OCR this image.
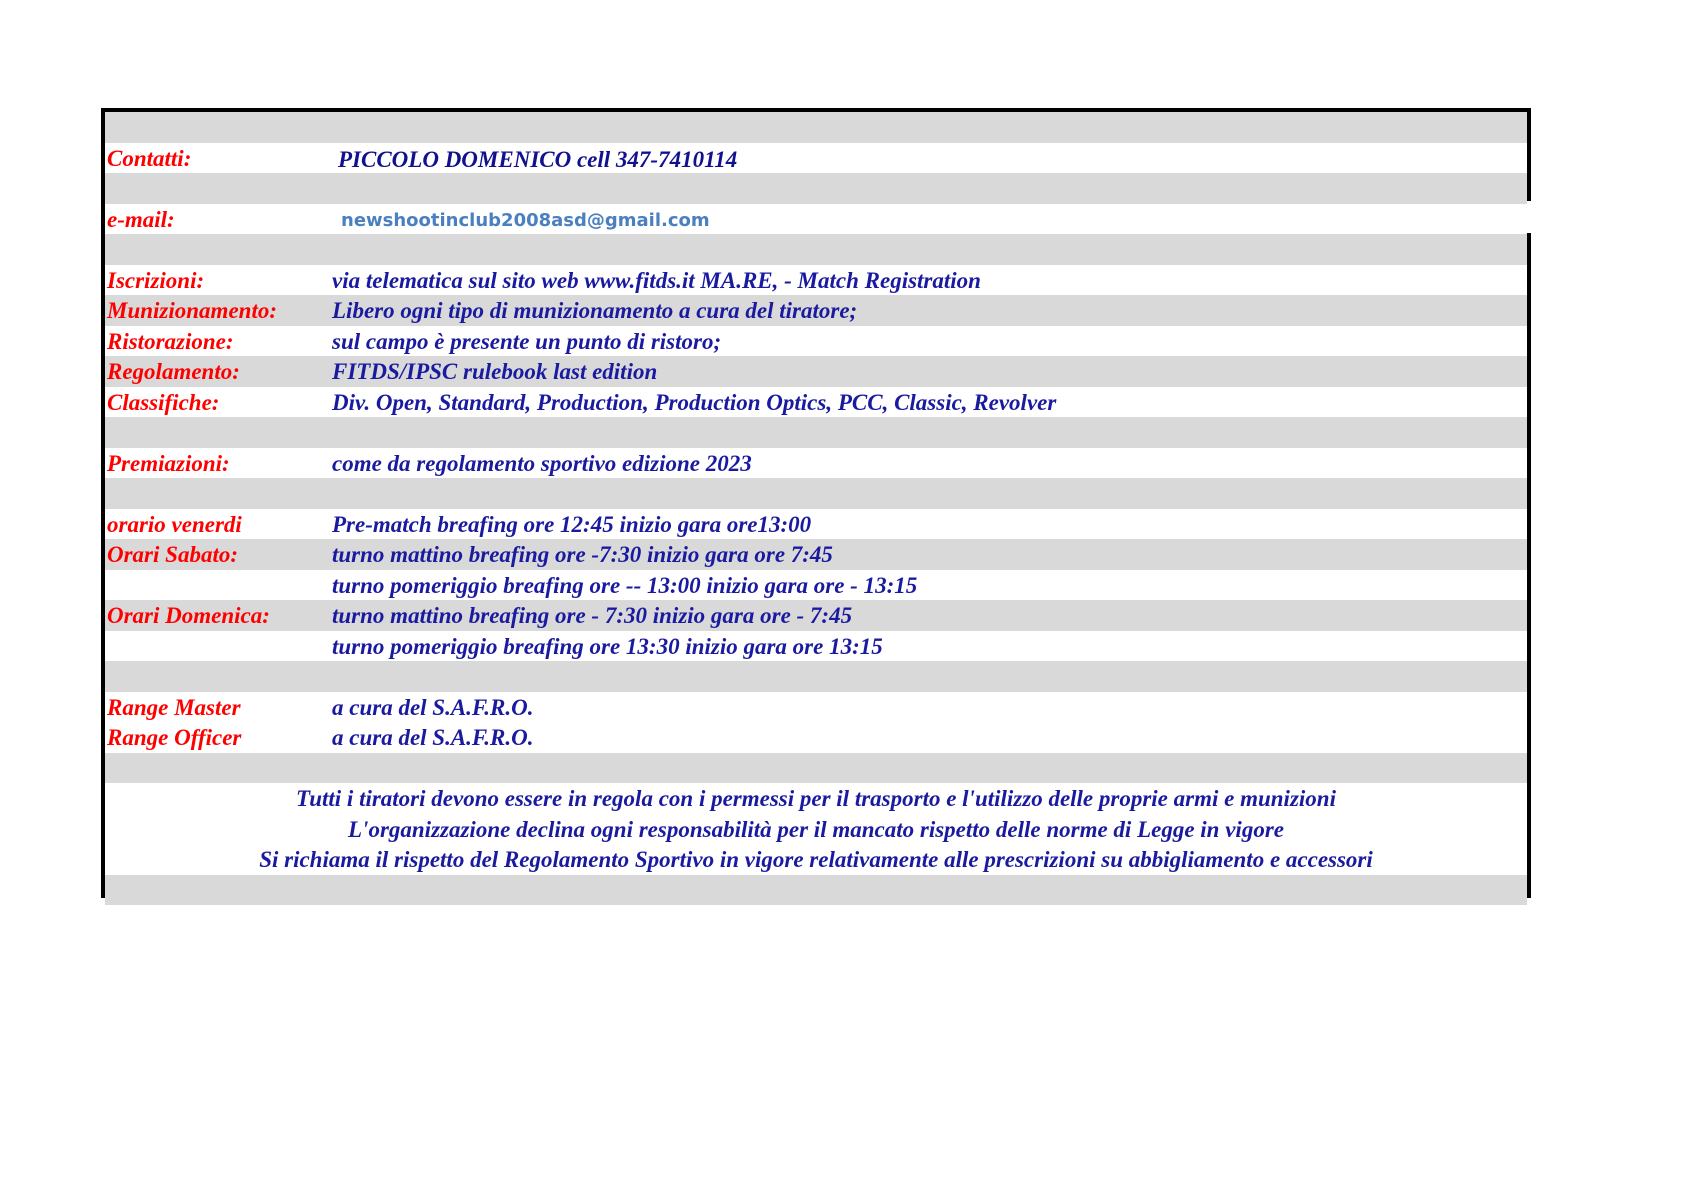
Contatti:	PICCOLO DOMENICO cell 347-7410114
e-mail:	newshootinclub2008asd@gmail.com
Iscrizioni:	via telematica sul sito web www.fitds.it MA.RE, - Match Registration
Munizionamento: Libero ogni tipo di munizionamento a cura del tiratore;
Ristorazione:	sul campo è presente un punto di ristoro;
Regolamento:	FITDS/IPSC rulebook last edition
Classifiche:	Div. Open, Standard, Production, Production Optics, PCC, Classic, Revolver
Premiazioni:	come da regolamento sportivo edizione 2023
orario venerdi	Pre-match breafing ore 12:45 inizio gara ore13:00
Orari Sabato:	turno mattino breafing ore -7:30 inizio gara ore 7:45
turno pomeriggio breafing ore -- 13:00 inizio gara ore - 13:15
Orari Domenica:	turno mattino breafing ore - 7:30 inizio gara ore - 7:45
turno pomeriggio breafing ore 13:30 inizio gara ore 13:15
Range Master	a cura del S.A.F.R.O.
Range Officer	a cura del S.A.F.R.O.
Tutti i tiratori devono essere in regola con i permessi per il trasporto e l'utilizzo delle proprie armi e munizioni
L'organizzazione declina ogni responsabilità per il mancato rispetto delle norme di Legge in vigore
Si richiama il rispetto del Regolamento Sportivo in vigore relativamente alle prescrizioni su abbigliamento e accessori
